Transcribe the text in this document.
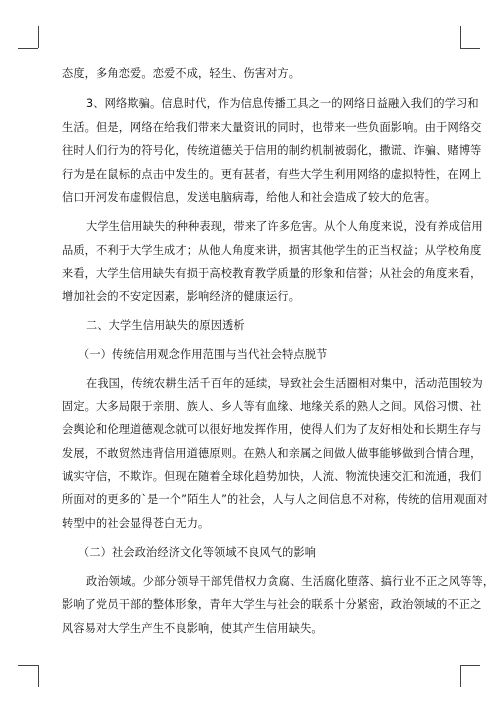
态度，多角恋爱。恋爱不成，轻生、伤害对方。
3、网络欺骗。信息时代，作为信息传播工具之一的网络日益融入我们的学习和
生活。但是，网络在给我们带来大量资讯的同时，也带来一些负面影响。由于网络交
往时人们行为的符号化，传统道德关于信用的制约机制被弱化，撒谎、诈骗、赌博等
行为是在鼠标的点击中发生的。更有甚者，有些大学生利用网络的虚拟特性，在网上
信口开河发布虚假信息，发送电脑病毒，给他人和社会造成了较大的危害。
大学生信用缺失的种种表现，带来了许多危害。从个人角度来说，没有养成信用
品质，不利于大学生成才；从他人角度来讲，损害其他学生的正当权益；从学校角度
来看，大学生信用缺失有损于高校教育教学质量的形象和信誉；从社会的角度来看，
增加社会的不安定因素，影响经济的健康运行。
二、大学生信用缺失的原因透析
（一）传统信用观念作用范围与当代社会特点脱节
在我国，传统农耕生活千百年的延续，导致社会生活圈相对集中，活动范围较为
固定。大多局限于亲朋、族人、乡人等有血缘、地缘关系的熟人之间。风俗习惯、社
会舆论和伦理道德观念就可以很好地发挥作用，使得人们为了友好相处和长期生存与
发展，不敢贸然违背信用道德原则。在熟人和亲属之间做人做事能够做到合情合理，
诚实守信，不欺诈。但现在随着全球化趋势加快，人流、物流快速交汇和流通，我们
所面对的更多的`是一个”陌生人”的社会，人与人之间信息不对称，传统的信用观面对
转型中的社会显得苍白无力。
（二）社会政治经济文化等领域不良风气的影响
政治领域。少部分领导干部凭借权力贪腐、生活腐化堕落、搞行业不正之风等等，
影响了党员干部的整体形象，青年大学生与社会的联系十分紧密，政治领域的不正之
风容易对大学生产生不良影响，使其产生信用缺失。
